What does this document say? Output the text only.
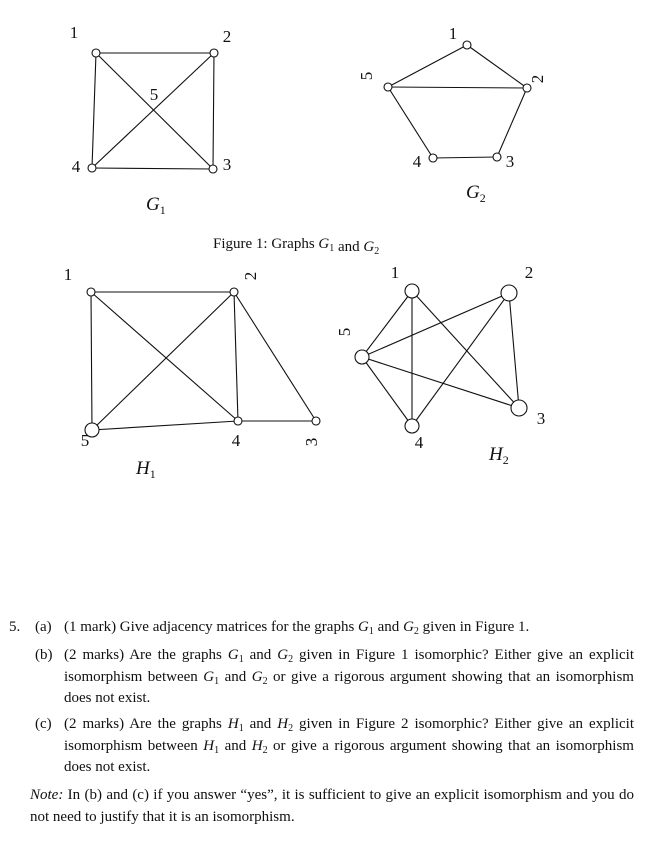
1	2
3
4
5
$G_1$
1
2
3
4
5
$G_2$
1	2
3
4
5
$H_1$
1	2
3
4
5
$H_2$
Figure 1: Graphs $G_1$ and $G_2$
5. (a) (1 mark) Give adjacency matrices for the graphs $G_1$ and $G_2$ given in Figure 1.
(b) (2 marks) Are the graphs $G_1$ and $G_2$ given in Figure 1 isomorphic? Either give an explicit isomorphism between $G_1$ and $G_2$ or give a rigorous argument showing that an isomorphism does not exist.
(c) (2 marks) Are the graphs $H_1$ and $H_2$ given in Figure 2 isomorphic? Either give an explicit isomorphism between $H_1$ and $H_2$ or give a rigorous argument showing that an isomorphism does not exist.
Note: In (b) and (c) if you answer “yes”, it is sufficient to give an explicit isomorphism and you do not need to justify that it is an isomorphism.
